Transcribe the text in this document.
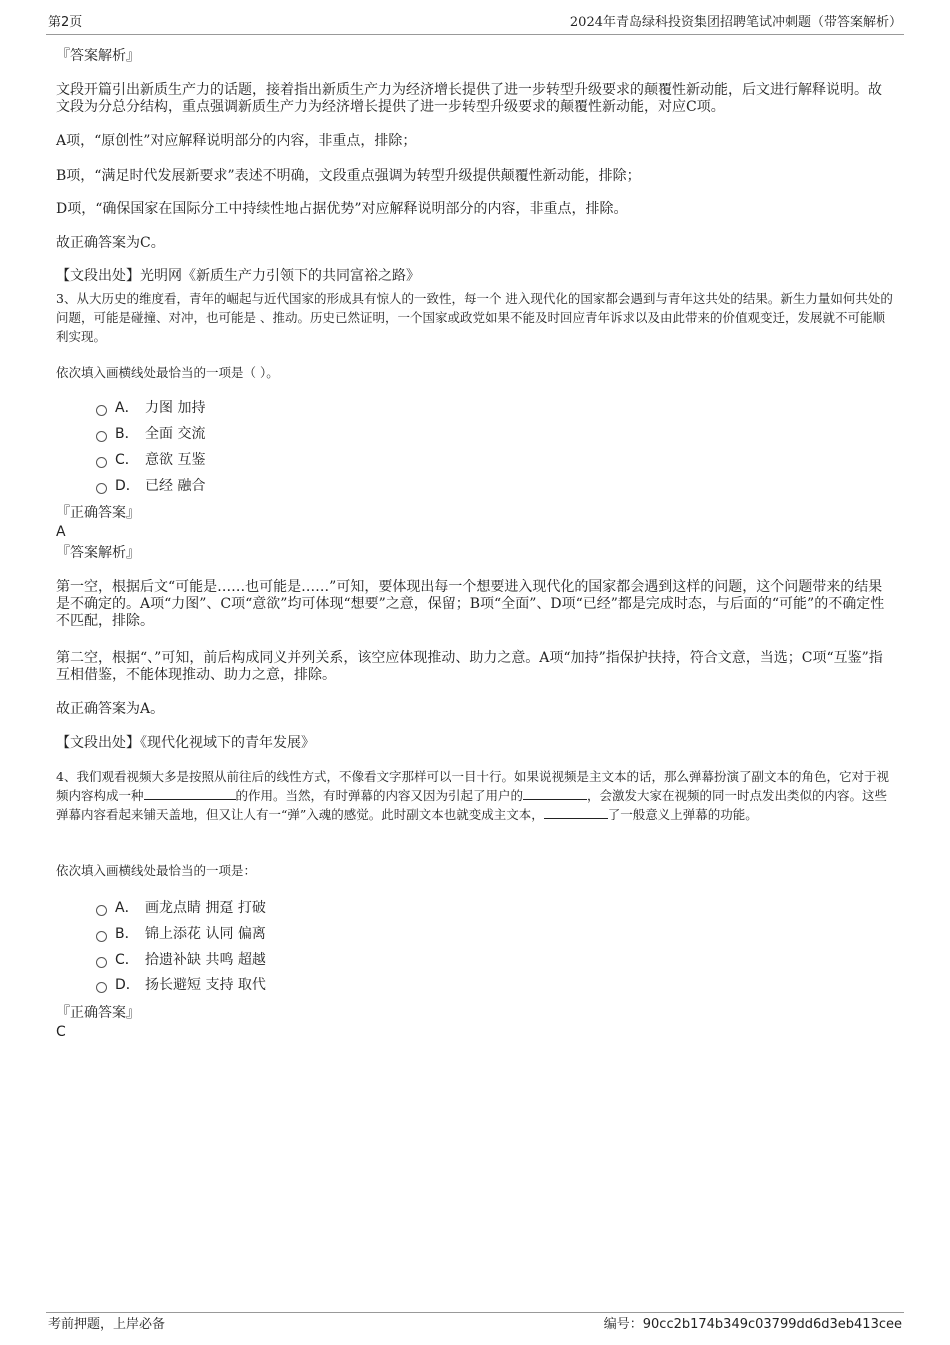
第2页	2024年青岛绿科投资集团招聘笔试冲刺题（带答案解析）

『答案解析』

文段开篇引出新质生产力的话题，接着指出新质生产力为经济增长提供了进一步转型升级要求的颠覆性新动能，后文进行解释说明。故文段为分总分结构，重点强调新质生产力为经济增长提供了进一步转型升级要求的颠覆性新动能，对应C项。

A项，“原创性”对应解释说明部分的内容，非重点，排除；

B项，“满足时代发展新要求”表述不明确，文段重点强调为转型升级提供颠覆性新动能，排除；

D项，“确保国家在国际分工中持续性地占据优势”对应解释说明部分的内容，非重点，排除。

故正确答案为C。

【文段出处】光明网《新质生产力引领下的共同富裕之路》

3、从大历史的维度看，青年的崛起与近代国家的形成具有惊人的一致性，每一个 进入现代化的国家都会遇到与青年这共处的结果。新生力量如何共处的问题，可能是碰撞、对冲，也可能是 、推动。历史已然证明，一个国家或政党如果不能及时回应青年诉求以及由此带来的价值观变迁，发展就不可能顺利实现。

依次填入画横线处最恰当的一项是（ ）。

A． 力图 加持
B． 全面 交流
C． 意欲 互鉴
D． 已经 融合

『正确答案』

A

『答案解析』

第一空，根据后文“可能是……也可能是……”可知，要体现出每一个想要进入现代化的国家都会遇到这样的问题，这个问题带来的结果是不确定的。A项“力图”、C项“意欲”均可体现“想要”之意，保留；B项“全面”、D项“已经”都是完成时态，与后面的“可能”的不确定性不匹配，排除。

第二空，根据“、”可知，前后构成同义并列关系，该空应体现推动、助力之意。A项“加持”指保护扶持，符合文意，当选；C项“互鉴”指互相借鉴，不能体现推动、助力之意，排除。

故正确答案为A。

【文段出处】《现代化视域下的青年发展》

4、我们观看视频大多是按照从前往后的线性方式，不像看文字那样可以一目十行。如果说视频是主文本的话，那么弹幕扮演了副文本的角色，它对于视频内容构成一种	的作用。当然，有时弹幕的内容又因为引起了用户的	，会激发大家在视频的同一时点发出类似的内容。这些弹幕内容看起来铺天盖地，但又让人有一“弹”入魂的感觉。此时副文本也就变成主文本，	了一般意义上弹幕的功能。

依次填入画横线处最恰当的一项是：

A． 画龙点睛 拥趸 打破
B． 锦上添花 认同 偏离
C． 拾遗补缺 共鸣 超越
D． 扬长避短 支持 取代

『正确答案』

C

考前押题，上岸必备	编号：90cc2b174b349c03799dd6d3eb413cee
